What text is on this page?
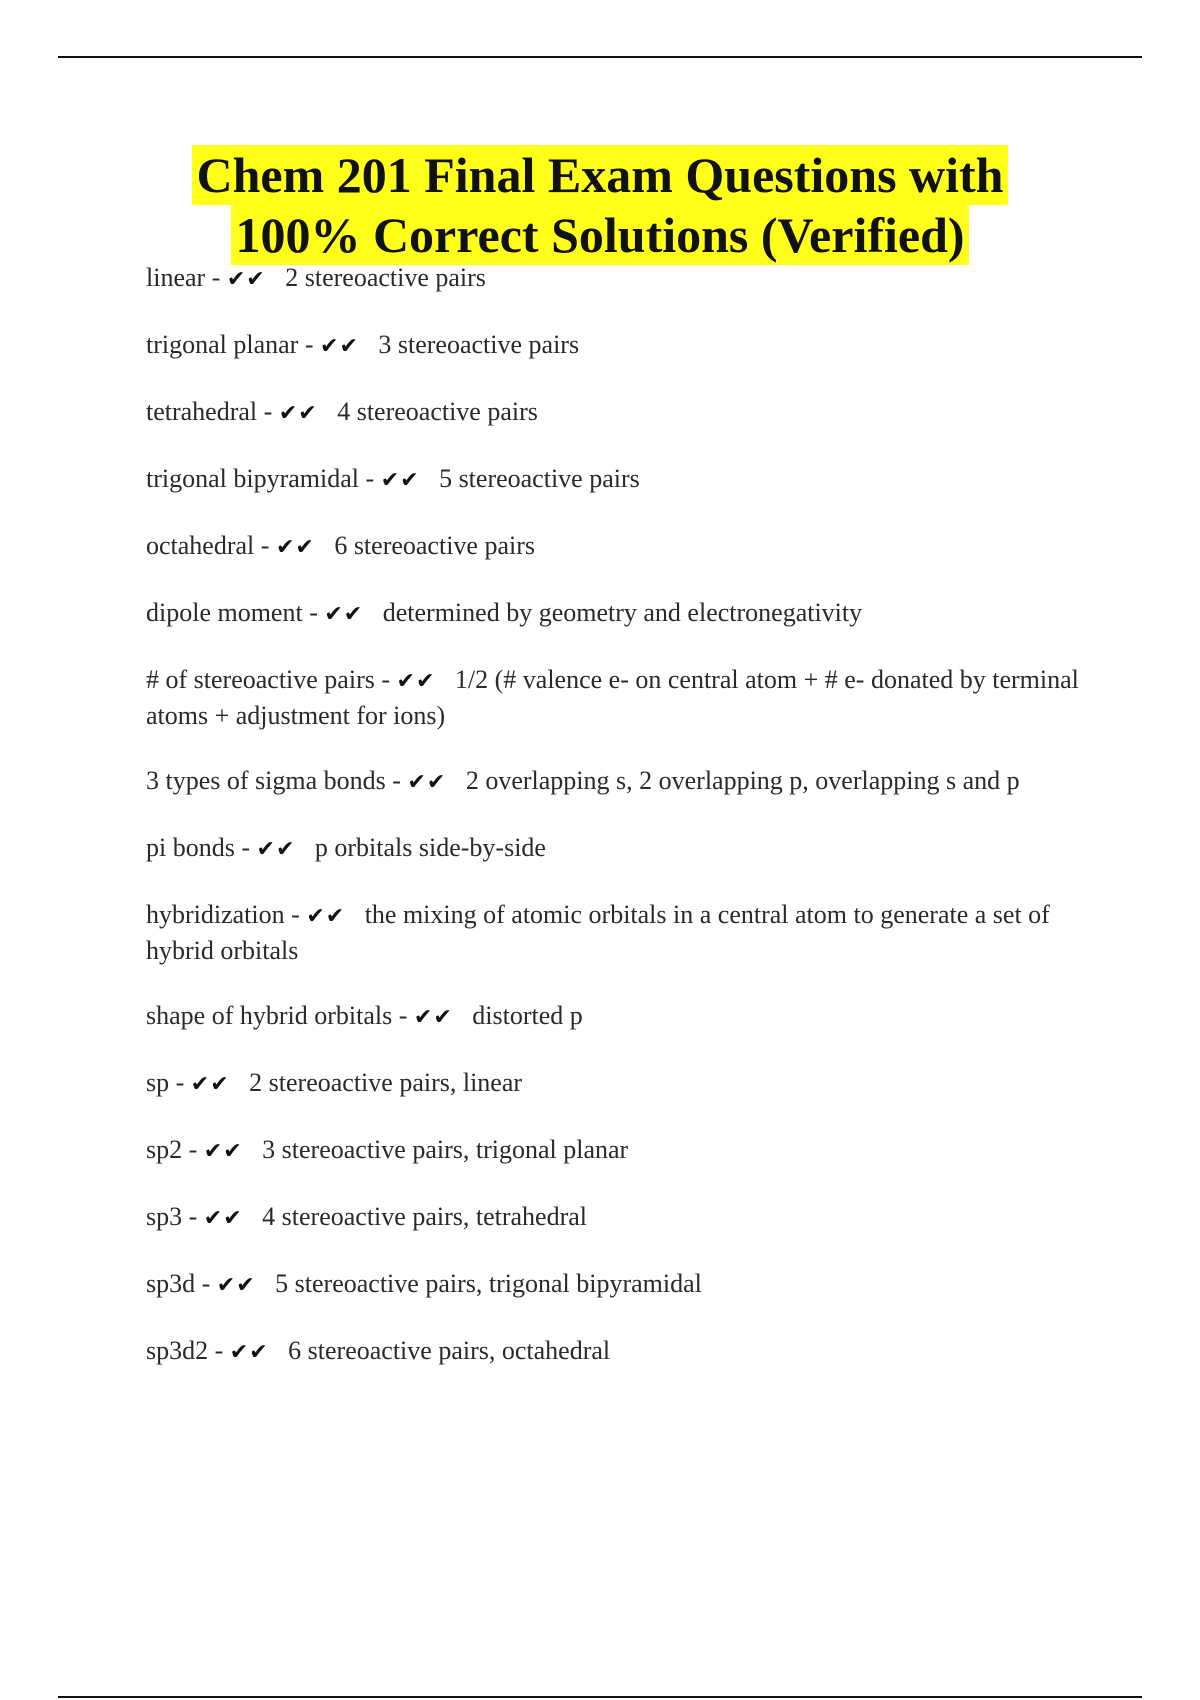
Chem 201 Final Exam Questions with
100% Correct Solutions (Verified)
linear - ✔✔ 2 stereoactive pairs
trigonal planar - ✔✔ 3 stereoactive pairs
tetrahedral - ✔✔ 4 stereoactive pairs
trigonal bipyramidal - ✔✔ 5 stereoactive pairs
octahedral - ✔✔ 6 stereoactive pairs
dipole moment - ✔✔ determined by geometry and electronegativity
# of stereoactive pairs - ✔✔ 1/2 (# valence e- on central atom + # e- donated by terminal atoms + adjustment for ions)
3 types of sigma bonds - ✔✔ 2 overlapping s, 2 overlapping p, overlapping s and p
pi bonds - ✔✔ p orbitals side-by-side
hybridization - ✔✔ the mixing of atomic orbitals in a central atom to generate a set of hybrid orbitals
shape of hybrid orbitals - ✔✔ distorted p
sp - ✔✔ 2 stereoactive pairs, linear
sp2 - ✔✔ 3 stereoactive pairs, trigonal planar
sp3 - ✔✔ 4 stereoactive pairs, tetrahedral
sp3d - ✔✔ 5 stereoactive pairs, trigonal bipyramidal
sp3d2 - ✔✔ 6 stereoactive pairs, octahedral
